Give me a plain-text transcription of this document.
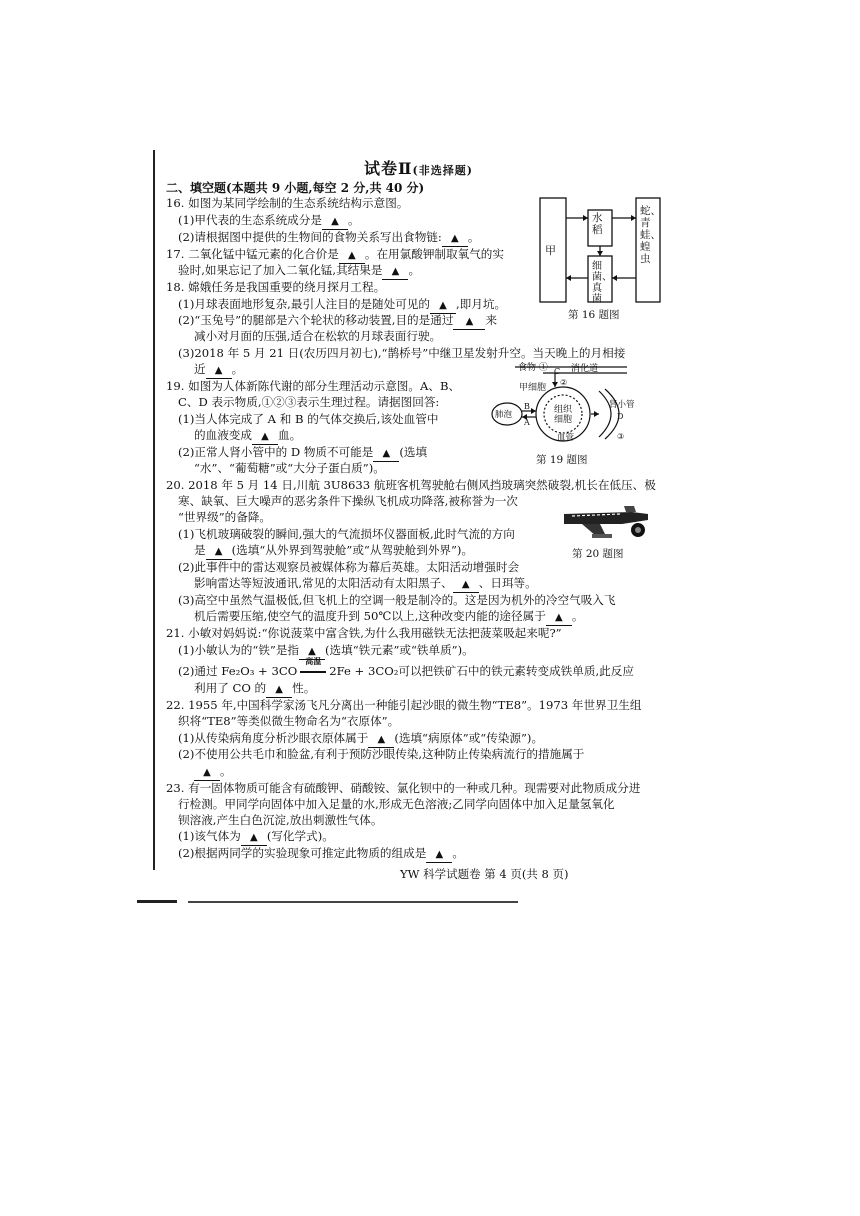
试卷Ⅱ(非选择题)
二、填空题(本题共 9 小题,每空 2 分,共 40 分)
16. 如图为某同学绘制的生态系统结构示意图。
(1)甲代表的生态系统成分是 ▲ 。
(2)请根据图中提供的生物间的食物关系写出食物链: ▲ 。
17. 二氧化锰中锰元素的化合价是 ▲ 。在用氯酸钾制取氧气的实
验时,如果忘记了加入二氧化锰,其结果是 ▲ 。
18. 嫦娥任务是我国重要的绕月探月工程。
(1)月球表面地形复杂,最引人注目的是随处可见的 ▲ ,即月坑。
(2)“玉兔号”的腿部是六个轮状的移动装置,目的是通过 ▲ 来
减小对月面的压强,适合在松软的月球表面行驶。
(3)2018 年 5 月 21 日(农历四月初七),“鹊桥号”中继卫星发射升空。当天晚上的月相接
近 ▲ 。
19. 如图为人体新陈代谢的部分生理活动示意图。A、B、
C、D 表示物质,①②③表示生理过程。请据图回答:
(1)当人体完成了 A 和 B 的气体交换后,该处血管中
的血液变成 ▲ 血。
(2)正常人肾小管中的 D 物质不可能是 ▲ (选填
“水”、“葡萄糖”或“大分子蛋白质”)。
20. 2018 年 5 月 14 日,川航 3U8633 航班客机驾驶舱右侧风挡玻璃突然破裂,机长在低压、极
寒、缺氧、巨大噪声的恶劣条件下操纵飞机成功降落,被称誉为一次
“世界级”的备降。
(1)飞机玻璃破裂的瞬间,强大的气流损坏仪器面板,此时气流的方向
是 ▲ (选填“从外界到驾驶舱”或“从驾驶舱到外界”)。
(2)此事件中的雷达观察员被媒体称为幕后英雄。太阳活动增强时会
影响雷达等短波通讯,常见的太阳活动有太阳黑子、 ▲ 、日珥等。
(3)高空中虽然气温极低,但飞机上的空调一般是制冷的。这是因为机外的冷空气吸入飞
机后需要压缩,使空气的温度升到 50℃以上,这种改变内能的途径属于 ▲ 。
21. 小敏对妈妈说:“你说菠菜中富含铁,为什么我用磁铁无法把菠菜吸起来呢?”
(1)小敏认为的“铁”是指 ▲ (选填“铁元素”或“铁单质”)。
(2)通过 Fe₂O₃ + 3CO
高温
2Fe + 3CO₂可以把铁矿石中的铁元素转变成铁单质,此反应
利用了 CO 的 ▲ 性。
22. 1955 年,中国科学家汤飞凡分离出一种能引起沙眼的微生物“TE8”。1973 年世界卫生组
织将“TE8”等类似微生物命名为“衣原体”。
(1)从传染病角度分析沙眼衣原体属于 ▲ (选填“病原体”或“传染源”)。
(2)不使用公共毛巾和脸盆,有利于预防沙眼传染,这种防止传染病流行的措施属于
▲ 。
23. 有一固体物质可能含有硫酸钾、硝酸铵、氯化钡中的一种或几种。现需要对此物质成分进
行检测。甲同学向固体中加入足量的水,形成无色溶液;乙同学向固体中加入足量氢氧化
钡溶液,产生白色沉淀,放出刺激性气体。
(1)该气体为 ▲ (写化学式)。
甲
水稻
细菌、真菌
蛇、青蛙、蝗虫
第 16 题图
食物 ①	消化道
C
②
甲细胞
肺泡
B
A
组织细胞
血管
肾小管
D
③
第 19 题图
第 20 题图
YW 科学试题卷 第 4 页(共 8 页)
(2)根据两同学的实验现象可推定此物质的组成是 ▲ 。
